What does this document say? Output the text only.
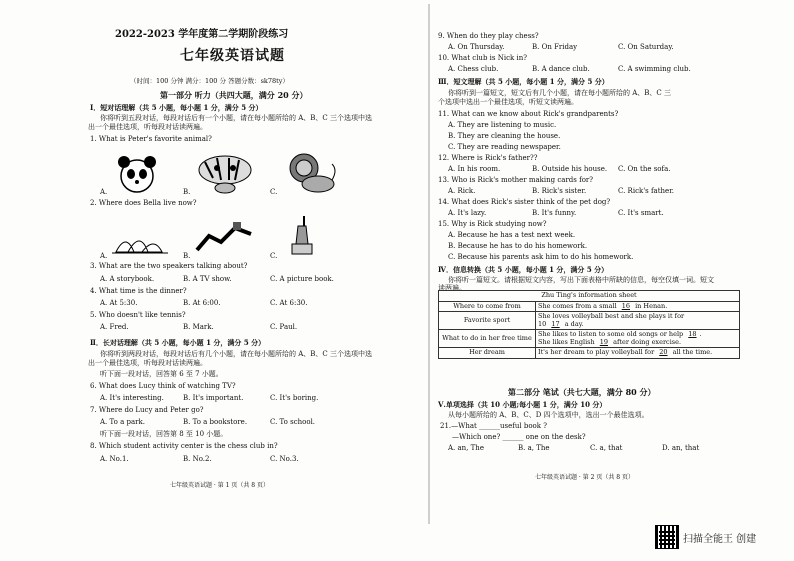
2022-2023 学年度第二学期阶段练习
七年级英语试题
（时间：100 分钟 满分：100 分 答题分数：sk78ty）
第一部分 听力（共四大题，满分 20 分）
Ⅰ．短对话理解（共 5 小题，每小题 1 分，满分 5 分）
你将听到五段对话，每段对话后有一个小题，请在每小题所给的 A、B、C 三个选项中选
出一个最佳选项，听每段对话读两遍。
1. What is Peter's favorite animal?
A.	B.	C.
2. Where does Bella live now?
A.	B.	C.
3. What are the two speakers talking about?
A. A storybook.	B. A TV show.	C. A picture book.
4. What time is the dinner?
A. At 5:30.	B. At 6:00.	C. At 6:30.
5. Who doesn't like tennis?
A. Fred.	B. Mark.	C. Paul.
Ⅱ．长对话理解（共 5 小题，每小题 1 分，满分 5 分）
你将听到两段对话，每段对话后有几个小题，请在每小题所给的 A、B、C 三个选项中选
出一个最佳选项，听每段对话读两遍。
听下面一段对话，回答第 6 至 7 小题。
6. What does Lucy think of watching TV?
A. It's interesting.	B. It's important.	C. It's boring.
7. Where do Lucy and Peter go?
A. To a park.	B. To a bookstore.	C. To school.
听下面一段对话，回答第 8 至 10 小题。
8. Which student activity center is the chess club in?
A. No.1.	B. No.2.	C. No.3.
七年级英语试题 · 第 1 页（共 8 页）
9. When do they play chess?
A. On Thursday.	B. On Friday	C. On Saturday.
10. What club is Nick in?
A. Chess club.	B. A dance club.	C. A swimming club.
Ⅲ．短文理解（共 5 小题，每小题 1 分，满分 5 分）
你将听到一篇短文，短文后有几个小题，请在每小题所给的 A、B、C 三
个选项中选出一个最佳选项，听短文读两遍。
11. What can we know about Rick's grandparents?
A. They are listening to music.
B. They are cleaning the house.
C. They are reading newspaper.
12. Where is Rick's father??
A. In his room.	B. Outside his house. C. On the sofa.
13. Who is Rick's mother making cards for?
A. Rick.	B. Rick's sister.	C. Rick's father.
14. What does Rick's sister think of the pet dog?
A. It's lazy.	B. It's funny.	C. It's smart.
15. Why is Rick studying now?
A. Because he has a test next week.
B. Because he has to do his homework.
C. Because his parents ask him to do his homework.
Ⅳ．信息转换（共 5 小题，每小题 1 分，满分 5 分）
你将听一篇短文。请根据短文内容，写出下面表格中所缺的信息，每空仅填一词。短文
读两遍。
Zhu Ting's information sheet	
Where to come from	She comes from a small 16 in Henan.
Favorite sport	She loves volleyball best and she plays it for
10 17 a day.
What to do in her free time	She likes to listen to some old songs or help 18 .
She likes English 19 after doing exercise.
Her dream	It's her dream to play volleyball for 20 all the time.
第二部分 笔试（共七大题，满分 80 分）
Ⅴ.单项选择（共 10 小题;每小题 1 分，满分 10 分）
从每小题所给的 A、B、C、D 四个选项中，选出一个最佳选项。
21.—What ______useful book ?
—Which one? ______ one on the desk?
A. an, The	B. a, The	C. a, that	D. an, that
七年级英语试题 · 第 2 页（共 8 页）
扫描全能王 创建
